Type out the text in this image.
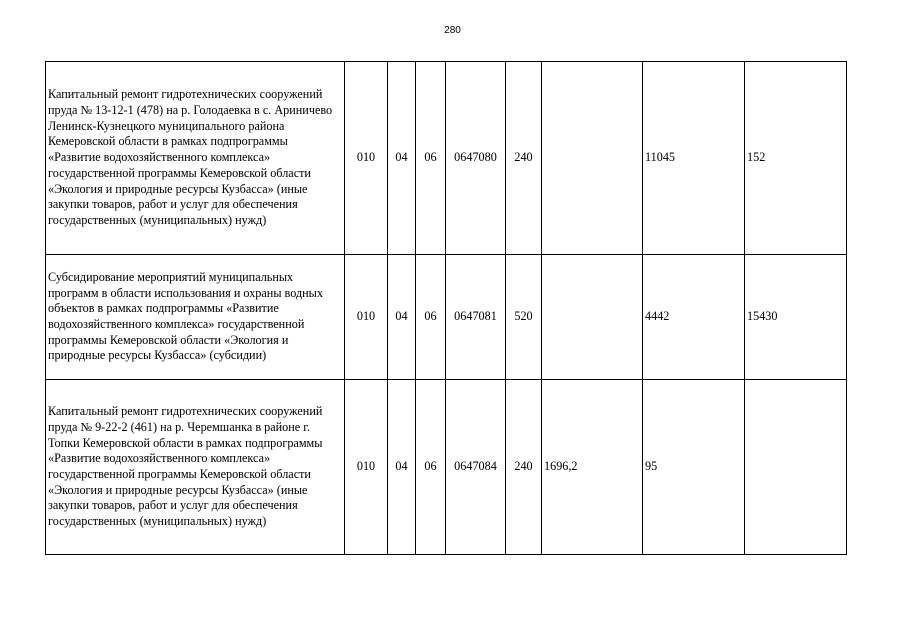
280
Капитальный ремонт гидротехнических сооружений пруда № 13-12-1 (478) на р. Голодаевка в с. Ариничево Ленинск-Кузнецкого муниципального района Кемеровской области в рамках подпрограммы «Развитие водохозяйственного комплекса» государственной программы Кемеровской области «Экология и природные ресурсы Кузбасса» (иные закупки товаров, работ и услуг для обеспечения государственных (муниципальных) нужд)	010	04	06	0647080	240		11045	152
Субсидирование мероприятий муниципальных программ в области использования и охраны водных объектов в рамках подпрограммы «Развитие водохозяйственного комплекса» государственной программы Кемеровской области «Экология и природные ресурсы Кузбасса» (субсидии)	010	04	06	0647081	520		4442	15430
Капитальный ремонт гидротехнических сооружений пруда № 9-22-2 (461) на р. Черемшанка в районе г. Топки Кемеровской области в рамках подпрограммы «Развитие водохозяйственного комплекса» государственной программы Кемеровской области «Экология и природные ресурсы Кузбасса» (иные закупки товаров, работ и услуг для обеспечения государственных (муниципальных) нужд)	010	04	06	0647084	240	1696,2	95	
